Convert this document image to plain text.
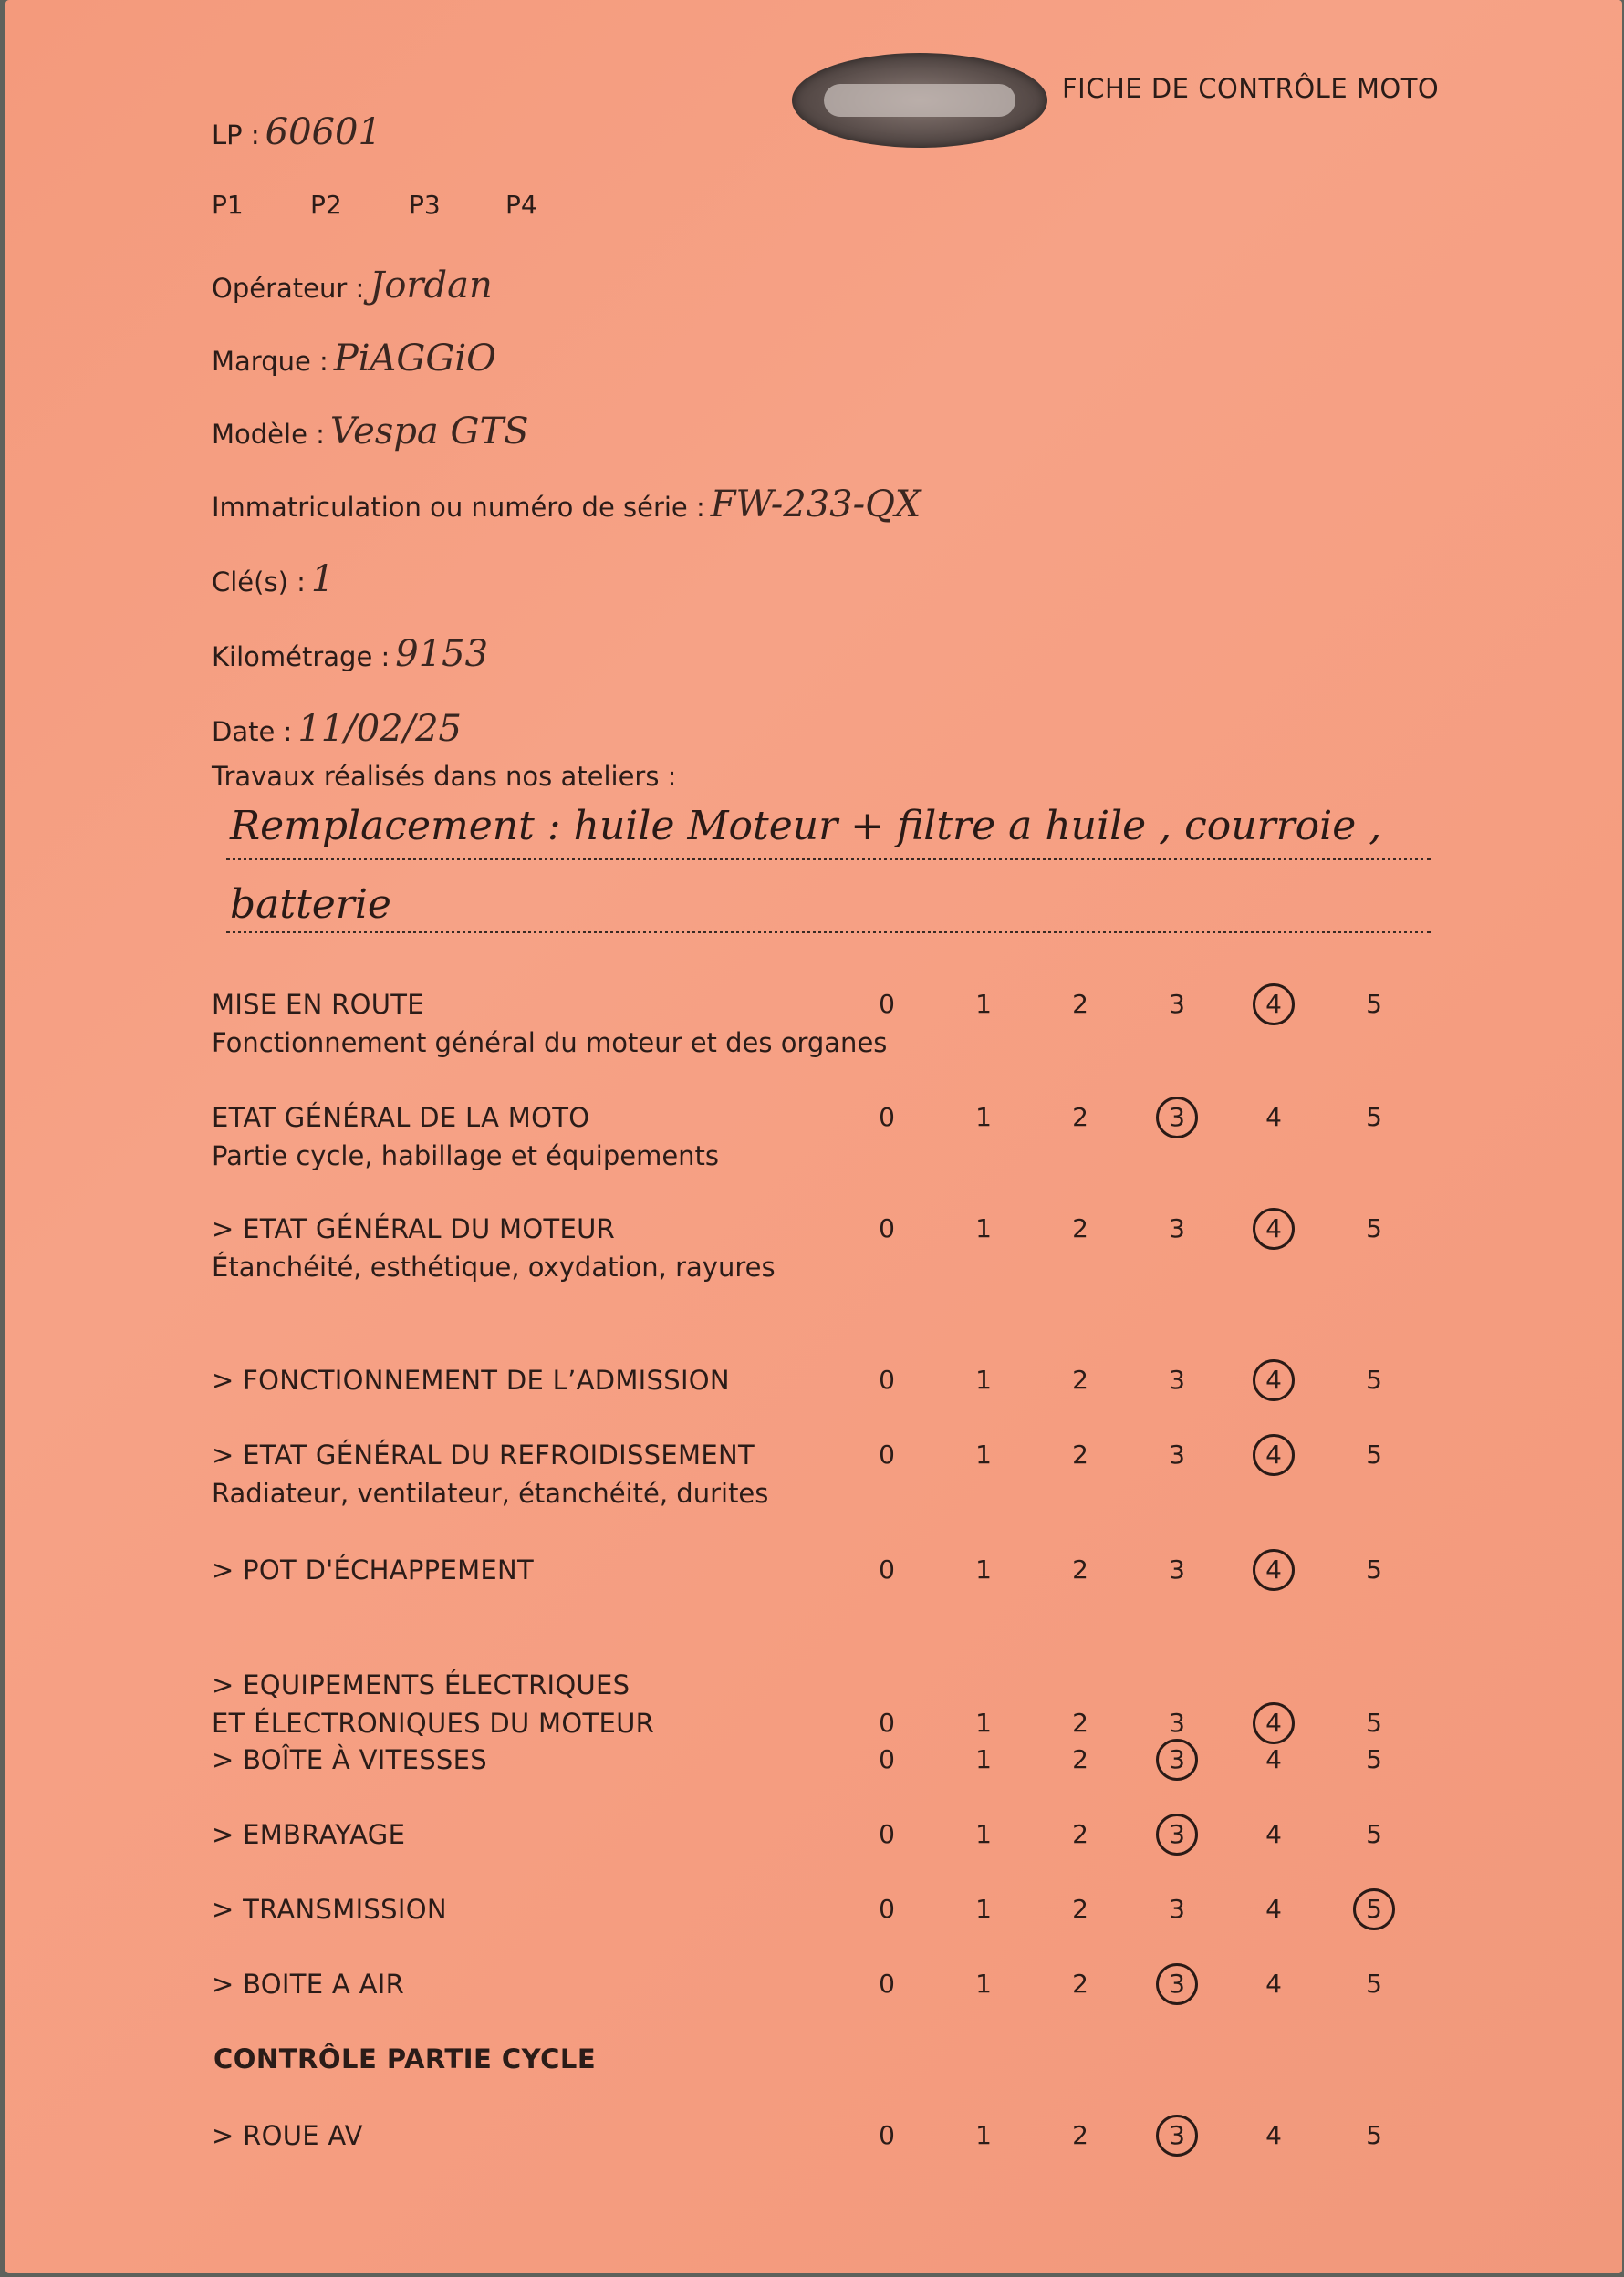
FICHE DE CONTRÔLE MOTO
LP : 60601
P1	P2	P3	P4
Opérateur : Jordan
Marque : PiAGGiO
Modèle : Vespa GTS
Immatriculation ou numéro de série : FW-233-QX
Clé(s) : 1
Kilométrage : 9153
Date : 11/02/25
Travaux réalisés dans nos ateliers :
Remplacement : huile Moteur + filtre a huile , courroie ,
batterie
MISE EN ROUTE
Fonctionnement général du moteur et des organes
0	1	2	3	4	5
ETAT GÉNÉRAL DE LA MOTO
Partie cycle, habillage et équipements
0	1	2	3	4	5
> ETAT GÉNÉRAL DU MOTEUR
Étanchéité, esthétique, oxydation, rayures
0	1	2	3	4	5
> FONCTIONNEMENT DE L’ADMISSION	0	1	2	3	4	5
> ETAT GÉNÉRAL DU REFROIDISSEMENT
Radiateur, ventilateur, étanchéité, durites
0	1	2	3	4	5
> POT D'ÉCHAPPEMENT	0	1	2	3	4	5
> EQUIPEMENTS ÉLECTRIQUES
ET ÉLECTRONIQUES DU MOTEUR	0	1	2	3	4	5
> BOÎTE À VITESSES	0	1	2	3	4	5
> EMBRAYAGE	0	1	2	3	4	5
> TRANSMISSION	0	1	2	3	4	5
> BOITE A AIR	0	1	2	3	4	5
> ROUE AV	0	1	2	3	4	5
CONTRÔLE PARTIE CYCLE
